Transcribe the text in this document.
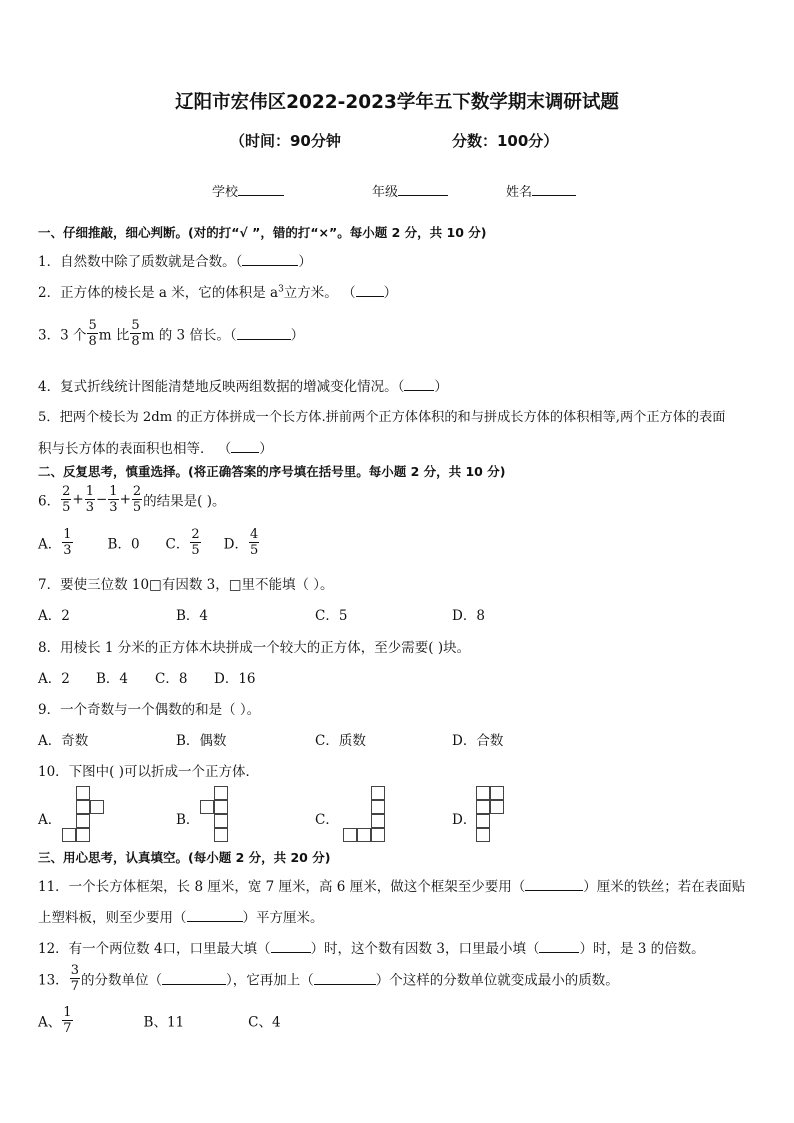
辽阳市宏伟区2022-2023学年五下数学期末调研试题
（时间：90分钟	分数：100分）
学校	年级	姓名
一、仔细推敲，细心判断。(对的打“√ ”，错的打“×”。每小题 2 分，共 10 分)
1．自然数中除了质数就是合数。（	）
2．正方体的棱长是 a 米，它的体积是 $a^3$立方米。 （ ）
3．3 个 $\frac{5}{8}$ m 比 $\frac{5}{8}$ m 的 3 倍长。（	）
4．复式折线统计图能清楚地反映两组数据的增减变化情况。（ ）
5．把两个棱长为 2dm 的正方体拼成一个长方体.拼前两个正方体体积的和与拼成长方体的体积相等,两个正方体的表面
积与长方体的表面积也相等． （ ）
二、反复思考，慎重选择。(将正确答案的序号填在括号里。每小题 2 分，共 10 分)
6． $\frac{2}{5} + \frac{1}{3} - \frac{1}{3} + \frac{2}{5}$ 的结果是( )。
A． $\frac{1}{3}$	B．0 C． $\frac{2}{5}$ D． $\frac{4}{5}$
7．要使三位数 10□有因数 3，□里不能填（ ）。
A．2	B．4	C．5	D．8
8．用棱长 1 分米的正方体木块拼成一个较大的正方体，至少需要( )块。
A．2 B．4 C．8 D．16
9．一个奇数与一个偶数的和是（ ）。
A．奇数	B．偶数	C．质数	D．合数
10．下图中( )可以折成一个正方体．
A．	B．	C．	D．
三、用心思考，认真填空。(每小题 2 分，共 20 分)
11．一个长方体框架，长 8 厘米，宽 7 厘米，高 6 厘米，做这个框架至少要用（	）厘米的铁丝；若在表面贴
上塑料板，则至少要用（	）平方厘米。
12．有一个两位数 4口，口里最大填（	）时，这个数有因数 3，口里最小填（	）时，是 3 的倍数。
13． $\frac{3}{7}$ 的分数单位（	），它再加上（	）个这样的分数单位就变成最小的质数。
A、 $\frac{1}{7}$	B、11	C、4
